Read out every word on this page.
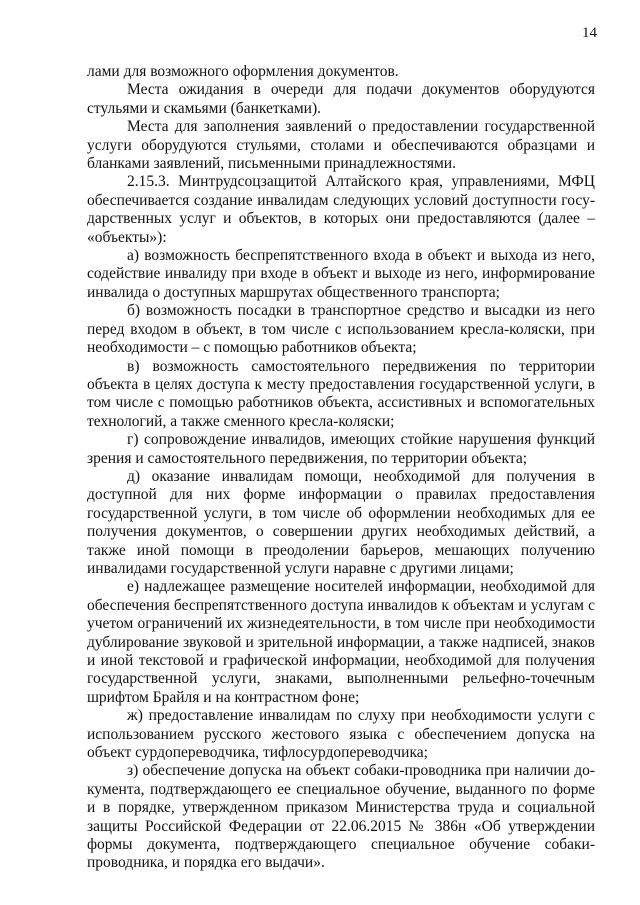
14

лами для возможного оформления документов.

Места ожидания в очереди для подачи документов оборудуются стульями и скамьями (банкетками).

Места для заполнения заявлений о предоставлении государственной услуги оборудуются стульями, столами и обеспечиваются образцами и бланками заявлений, письменными принадлежностями.

2.15.3. Минтрудсоцзащитой Алтайского края, управлениями, МФЦ обеспечивается создание инвалидам следующих условий доступности государственных услуг и объектов, в которых они предоставляются (далее – «объекты»):

а) возможность беспрепятственного входа в объект и выхода из него, содействие инвалиду при входе в объект и выходе из него, информирование инвалида о доступных маршрутах общественного транспорта;

б) возможность посадки в транспортное средство и высадки из него перед входом в объект, в том числе с использованием кресла-коляски, при необходимости – с помощью работников объекта;

в) возможность самостоятельного передвижения по территории объекта в целях доступа к месту предоставления государственной услуги, в том числе с помощью работников объекта, ассистивных и вспомогательных технологий, а также сменного кресла-коляски;

г) сопровождение инвалидов, имеющих стойкие нарушения функций зрения и самостоятельного передвижения, по территории объекта;

д) оказание инвалидам помощи, необходимой для получения в доступной для них форме информации о правилах предоставления государственной услуги, в том числе об оформлении необходимых для ее получения документов, о совершении других необходимых действий, а также иной помощи в преодолении барьеров, мешающих получению инвалидами государственной услуги наравне с другими лицами;

е) надлежащее размещение носителей информации, необходимой для обеспечения беспрепятственного доступа инвалидов к объектам и услугам с учетом ограничений их жизнедеятельности, в том числе при необходимости дублирование звуковой и зрительной информации, а также надписей, знаков и иной текстовой и графической информации, необходимой для получения государственной услуги, знаками, выполненными рельефно-точечным шрифтом Брайля и на контрастном фоне;

ж) предоставление инвалидам по слуху при необходимости услуги с использованием русского жестового языка с обеспечением допуска на объект сурдопереводчика, тифлосурдопереводчика;

з) обеспечение допуска на объект собаки-проводника при наличии документа, подтверждающего ее специальное обучение, выданного по форме и в порядке, утвержденном приказом Министерства труда и социальной защиты Российской Федерации от 22.06.2015 № 386н «Об утверждении формы документа, подтверждающего специальное обучение собаки-проводника, и порядка его выдачи».
